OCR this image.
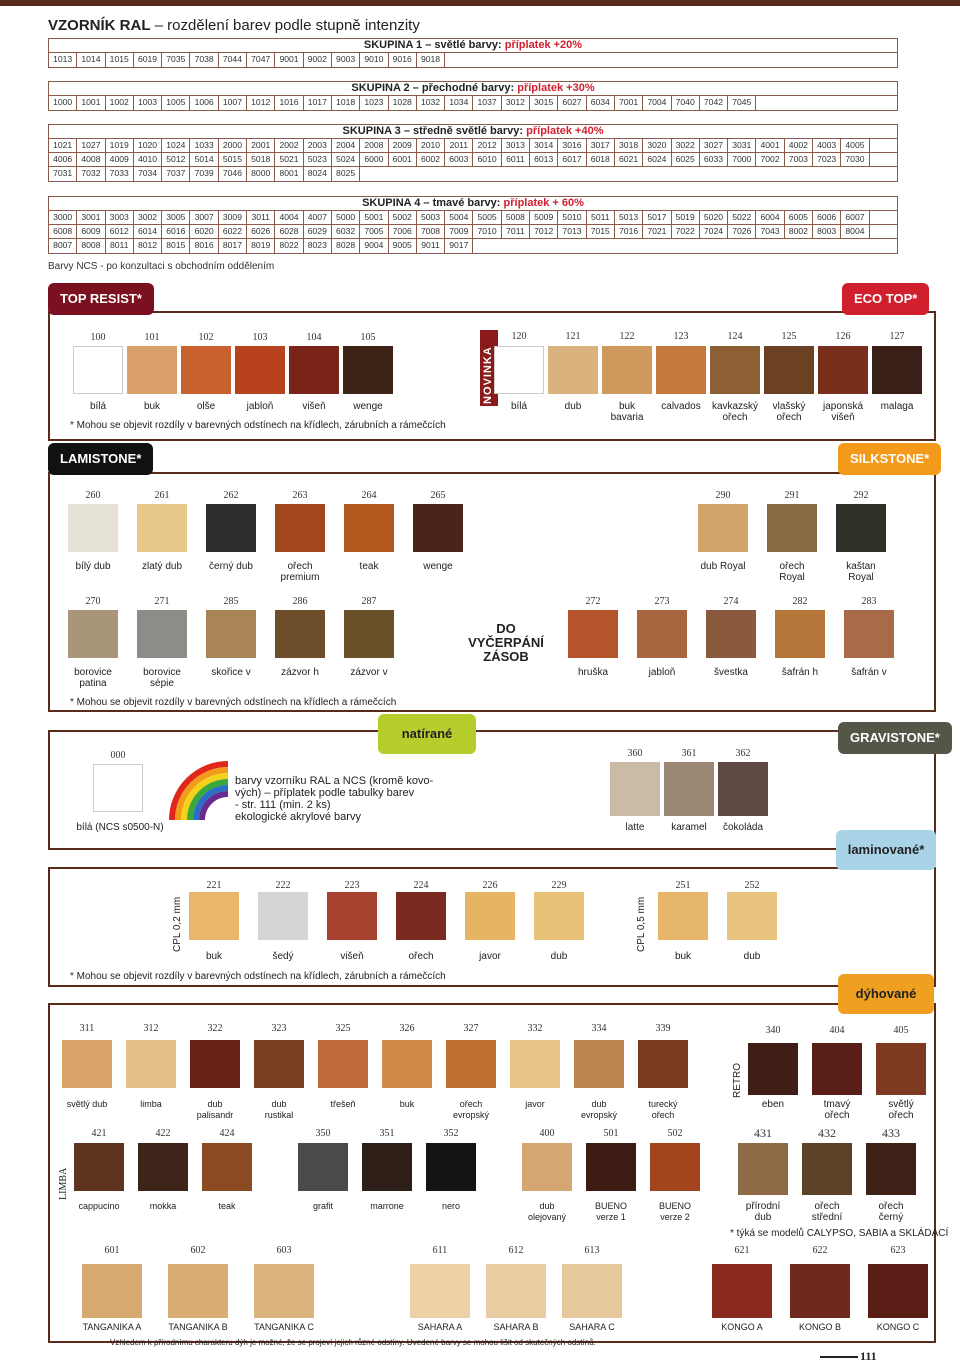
VZORNÍK RAL – rozdělení barev podle stupně intenzity
SKUPINA 1 – světlé barvy: příplatek +20%
1013	1014	1015	6019	7035	7038	7044	7047	9001	9002	9003	9010	9016	9018
SKUPINA 2 – přechodné barvy: příplatek +30%
1000	1001	1002	1003	1005	1006	1007	1012	1016	1017	1018	1023	1028	1032	1034	1037	3012	3015	6027	6034	7001	7004	7040	7042	7045
SKUPINA 3 – středně světlé barvy: příplatek +40%
1021	1027	1019	1020	1024	1033	2000	2001	2002	2003	2004	2008	2009	2010	2011	2012	3013	3014	3016	3017	3018	3020	3022	3027	3031	4001	4002	4003	4005
4006	4008	4009	4010	5012	5014	5015	5018	5021	5023	5024	6000	6001	6002	6003	6010	6011	6013	6017	6018	6021	6024	6025	6033	7000	7002	7003	7023	7030
7031	7032	7033	7034	7037	7039	7046	8000	8001	8024	8025
SKUPINA 4 – tmavé barvy: příplatek + 60%
3000	3001	3003	3002	3005	3007	3009	3011	4004	4007	5000	5001	5002	5003	5004	5005	5008	5009	5010	5011	5013	5017	5019	5020	5022	6004	6005	6006	6007
6008	6009	6012	6014	6016	6020	6022	6026	6028	6029	6032	7005	7006	7008	7009	7010	7011	7012	7013	7015	7016	7021	7022	7024	7026	7043	8002	8003	8004
8007	8008	8011	8012	8015	8016	8017	8019	8022	8023	8028	9004	9005	9011	9017
Barvy NCS - po konzultaci s obchodním oddělením
TOP RESIST*	ECO TOP*
LAMISTONE*	SILKSTONE*
natírané	GRAVISTONE*
laminované*
dýhované
NOVINKA
100
bílá
101
buk
102
olše
103
jabloň
104
višeň
105
wenge
120
bílá
121
dub
122
buk
bavaria
123
calvados
124
kavkazský
ořech
125
vlašský
ořech
126
japonská
višeň
127
malaga
260
bílý dub
261
zlatý dub
262
černý dub
263
ořech
premium
264
teak
265
wenge
290
dub Royal
291
ořech
Royal
292
kaštan
Royal
270
borovice
patina
271
borovice
sépie
285
skořice v
286
zázvor h
287
zázvor v
272
hruška
273
jabloň
274
švestka
282
šafrán h
283
šafrán v
000	360
latte
361
karamel
362
čokoláda
221
buk
222
šedý
223
višeň
224
ořech
226
javor
229
dub
251
buk
252
dub
311
světlý dub
312
limba
322
dub
palisandr
323
dub
rustikal
325
třešeň
326
buk
327
ořech
evropský
332
javor
334
dub
evropský
339
turecký
ořech
340
eben
404
tmavý
ořech
405
světlý
ořech
421
cappucino
422
mokka
424
teak
350
grafit
351
marrone
352
nero
400
dub
olejovaný
501
BUENO
verze 1
502
BUENO
verze 2
431
přírodní
dub
432
ořech
střední
433
ořech
černý
601
TANGANIKA A
602
TANGANIKA B
603
TANGANIKA C
611
SAHARA A
612
SAHARA B
613
SAHARA C
621
KONGO A
622
KONGO B
623
KONGO C
bílá (NCS s0500-N)
DO VYČERPÁNÍ
ZÁSOB
* Mohou se objevit rozdíly v barevných odstínech na křídlech, zárubních a rámečcích
* Mohou se objevit rozdíly v barevných odstínech na křídlech a rámečcích
* Mohou se objevit rozdíly v barevných odstínech na křídlech, zárubních a rámečcích
* týká se modelů CALYPSO, SABIA a SKLÁDACÍ
barvy vzorníku RAL a NCS (kromě kovo-
vých) – příplatek podle tabulky barev
- str. 111 (min. 2 ks)
ekologické akrylové barvy
CPL 0,2 mm	CPL 0,5 mm
RETRO
LIMBA
Vzhledem k přírodnímu charakteru dýh je možné, že se projeví jejich různé odstíny. Uvedené barvy se mohou lišit od skutečných odstínů.
111
